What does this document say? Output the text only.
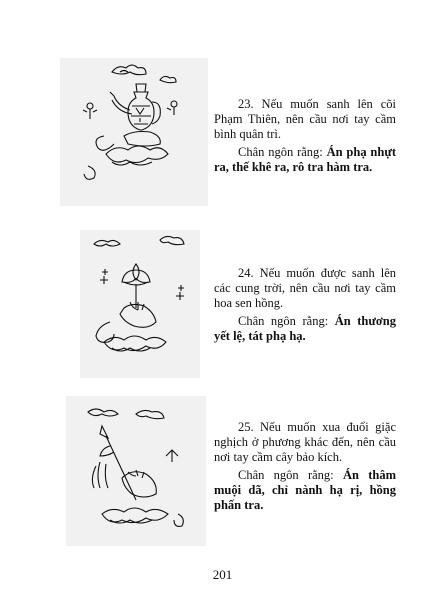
23. Nếu muốn sanh lên cõi Phạm Thiên, nên cầu nơi tay cầm bình quân trì.

Chân ngôn rằng: Án phạ nhựt ra, thế khê ra, rô tra hàm tra.

24. Nếu muốn được sanh lên các cung trời, nên cầu nơi tay cầm hoa sen hồng.

Chân ngôn rằng: Án thương yết lệ, tát phạ hạ.

25. Nếu muốn xua đuổi giặc nghịch ở phương khác đến, nên cầu nơi tay cầm cây bảo kích.

Chân ngôn rằng: Án thâm muội dã, chỉ nành hạ rị, hồng phấn tra.

201
